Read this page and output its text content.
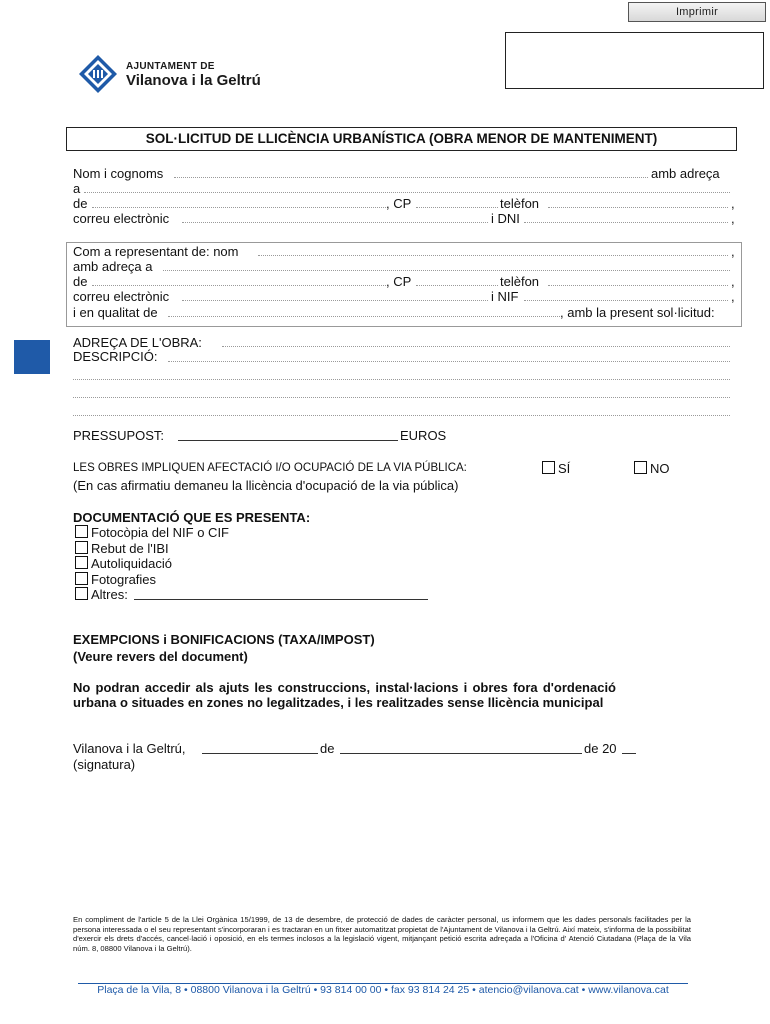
Imprimir
AJUNTAMENT DE
Vilanova i la Geltrú
SOL·LICITUD DE LLICÈNCIA URBANÍSTICA (OBRA MENOR DE MANTENIMENT)
Nom i cognoms	amb adreça
a
de	, CP	telèfon	,
correu electrònic	i DNI	,
Com a representant de: nom	,
amb adreça a
de	, CP	telèfon	,
correu electrònic	i NIF	,
i en qualitat de	, amb la present sol·licitud:
ADREÇA DE L'OBRA:
DESCRIPCIÓ:
PRESSUPOST:	EUROS
LES OBRES IMPLIQUEN AFECTACIÓ I/O OCUPACIÓ DE LA VIA PÚBLICA:	SÍ	NO
(En cas afirmatiu demaneu la llicència d'ocupació de la via pública)
DOCUMENTACIÓ QUE ES PRESENTA:
Fotocòpia del NIF o CIF
Rebut de l'IBI
Autoliquidació
Fotografies
Altres:
EXEMPCIONS i BONIFICACIONS (TAXA/IMPOST)
(Veure revers del document)
No podran accedir als ajuts les construccions, instal·lacions i obres fora d'ordenació
urbana o situades en zones no legalitzades, i les realitzades sense llicència municipal
Vilanova i la Geltrú,	de	de 20
(signatura)
En compliment de l'article 5 de la Llei Orgànica 15/1999, de 13 de desembre, de protecció de dades de caràcter personal, us informem que les dades personals facilitades per la persona interessada o el seu representant s'incorporaran i es tractaran en un fitxer automatitzat propietat de l'Ajuntament de Vilanova i la Geltrú. Així mateix, s'informa de la possibilitat d'exercir els drets d'accés, cancel·lació i oposició, en els termes inclosos a la legislació vigent, mitjançant petició escrita adreçada a l'Oficina d' Atenció Ciutadana (Plaça de la Vila núm. 8, 08800 Vilanova i la Geltrú).
Plaça de la Vila, 8 • 08800 Vilanova i la Geltrú • 93 814 00 00 • fax 93 814 24 25 • atencio@vilanova.cat • www.vilanova.cat
